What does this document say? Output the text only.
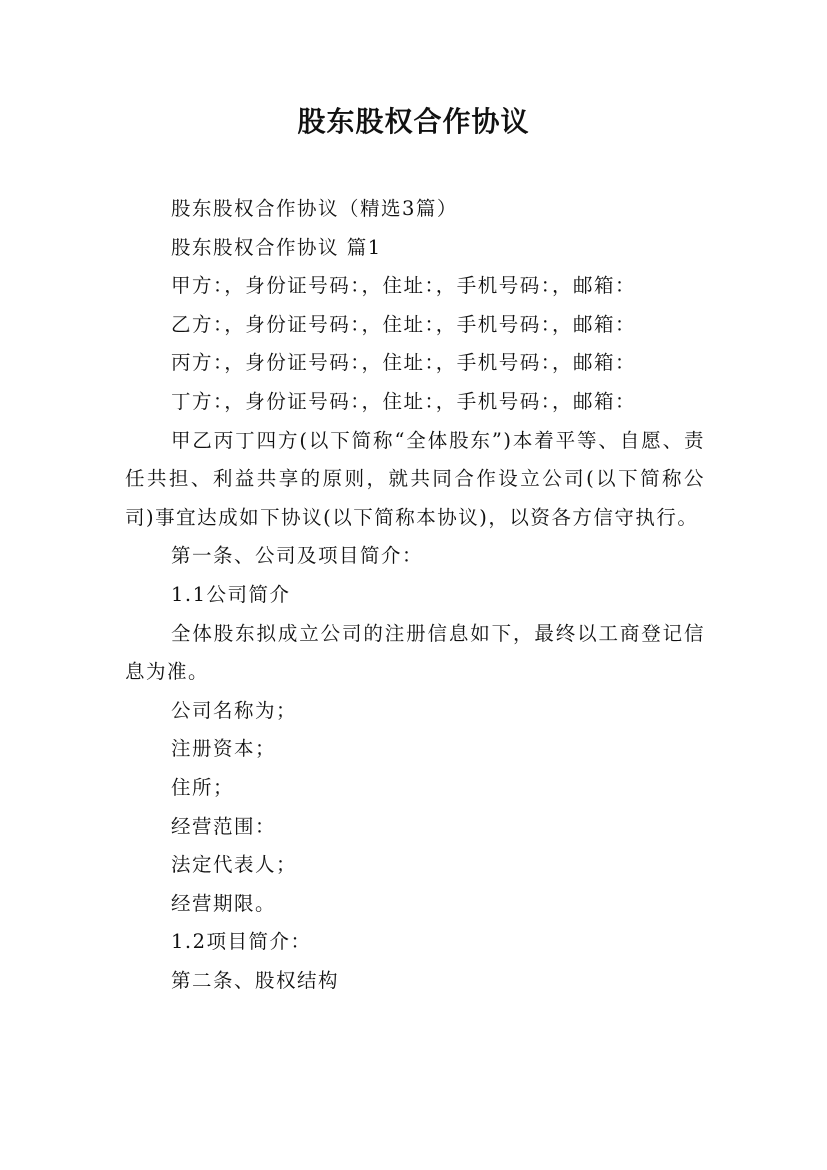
股东股权合作协议

股东股权合作协议（精选3篇）

股东股权合作协议 篇1

甲方：，身份证号码：，住址：，手机号码：，邮箱：

乙方：，身份证号码：，住址：，手机号码：，邮箱：

丙方：，身份证号码：，住址：，手机号码：，邮箱：

丁方：，身份证号码：，住址：，手机号码：，邮箱：

甲乙丙丁四方(以下简称“全体股东”)本着平等、自愿、责任共担、利益共享的原则，就共同合作设立公司(以下简称公司)事宜达成如下协议(以下简称本协议)，以资各方信守执行。

第一条、公司及项目简介：

1.1公司简介

全体股东拟成立公司的注册信息如下，最终以工商登记信息为准。

公司名称为；

注册资本；

住所；

经营范围：

法定代表人；

经营期限。

1.2项目简介：

第二条、股权结构
